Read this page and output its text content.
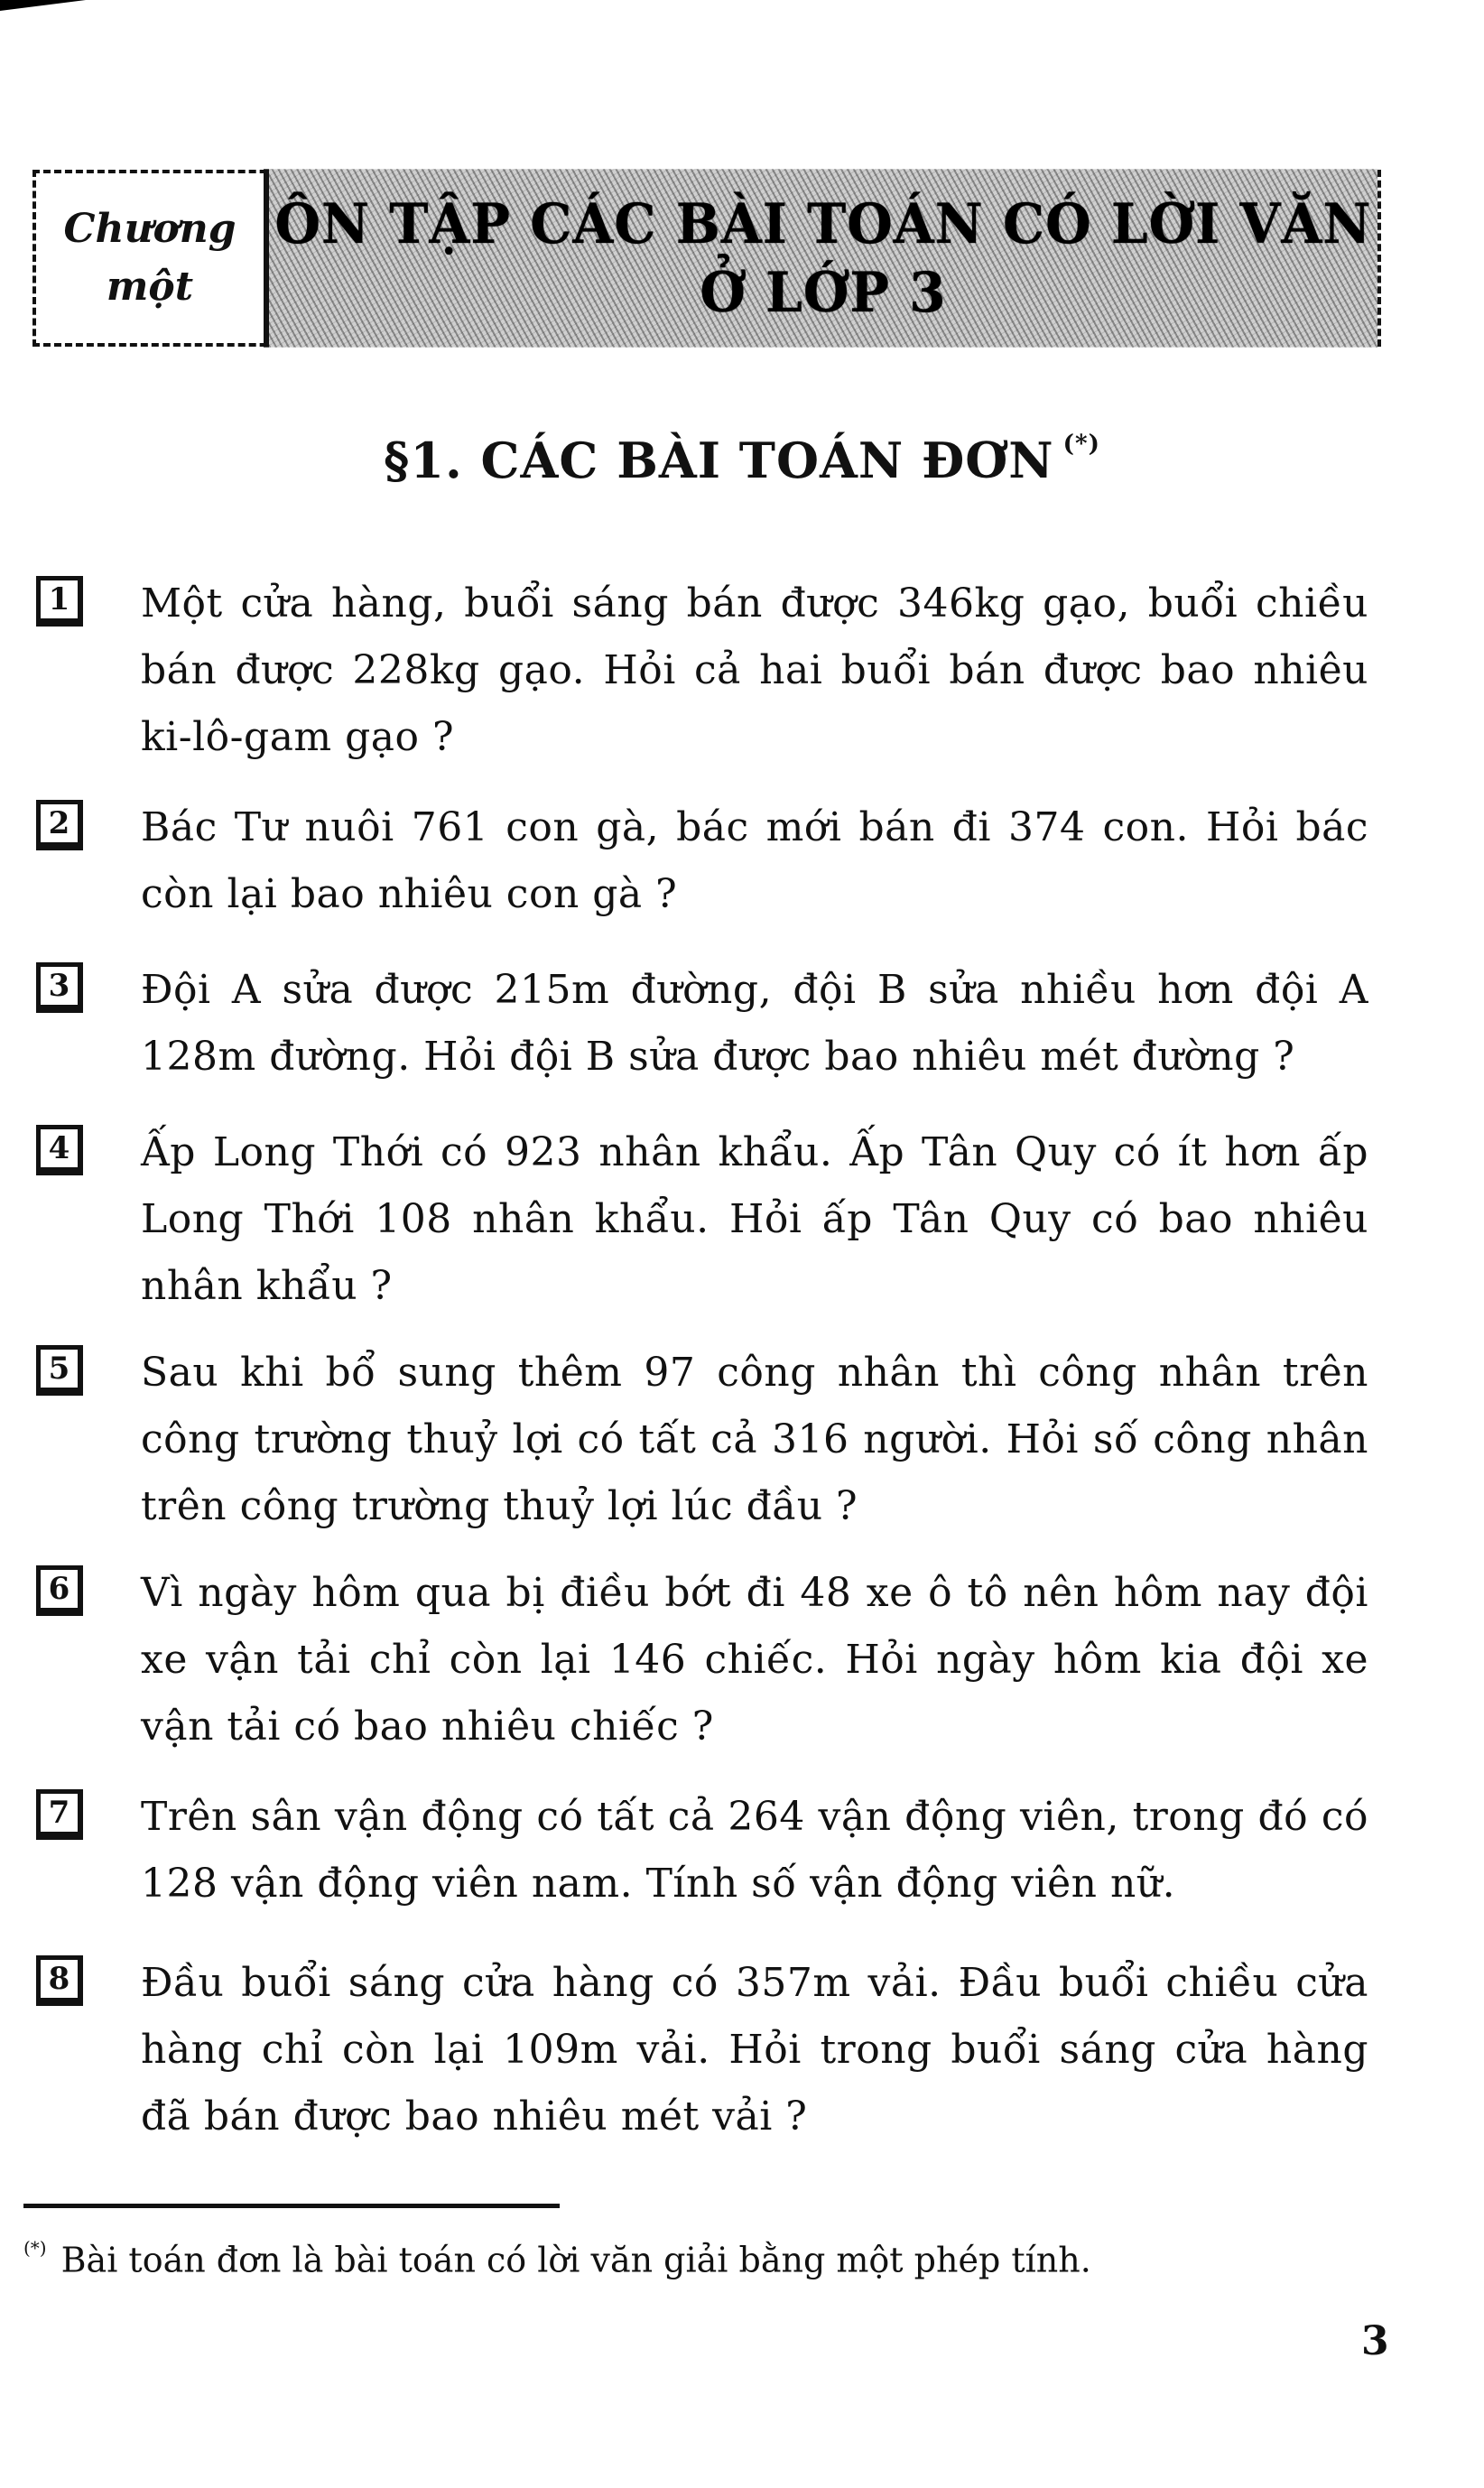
Chương
một
ÔN TẬP CÁC BÀI TOÁN CÓ LỜI VĂN
Ở LỚP 3
§1. CÁC BÀI TOÁN ĐƠN (*)
1	Một cửa hàng, buổi sáng bán được 346kg gạo, buổi chiều bán được 228kg gạo. Hỏi cả hai buổi bán được bao nhiêu ki-lô-gam gạo ?
2	Bác Tư nuôi 761 con gà, bác mới bán đi 374 con. Hỏi bác còn lại bao nhiêu con gà ?
3	Đội A sửa được 215m đường, đội B sửa nhiều hơn đội A 128m đường. Hỏi đội B sửa được bao nhiêu mét đường ?
4	Ấp Long Thới có 923 nhân khẩu. Ấp Tân Quy có ít hơn ấp Long Thới 108 nhân khẩu. Hỏi ấp Tân Quy có bao nhiêu nhân khẩu ?
5	Sau khi bổ sung thêm 97 công nhân thì công nhân trên công trường thuỷ lợi có tất cả 316 người. Hỏi số công nhân trên công trường thuỷ lợi lúc đầu ?
6	Vì ngày hôm qua bị điều bớt đi 48 xe ô tô nên hôm nay đội xe vận tải chỉ còn lại 146 chiếc. Hỏi ngày hôm kia đội xe vận tải có bao nhiêu chiếc ?
7	Trên sân vận động có tất cả 264 vận động viên, trong đó có 128 vận động viên nam. Tính số vận động viên nữ.
8	Đầu buổi sáng cửa hàng có 357m vải. Đầu buổi chiều cửa hàng chỉ còn lại 109m vải. Hỏi trong buổi sáng cửa hàng đã bán được bao nhiêu mét vải ?
(*) Bài toán đơn là bài toán có lời văn giải bằng một phép tính.
3
